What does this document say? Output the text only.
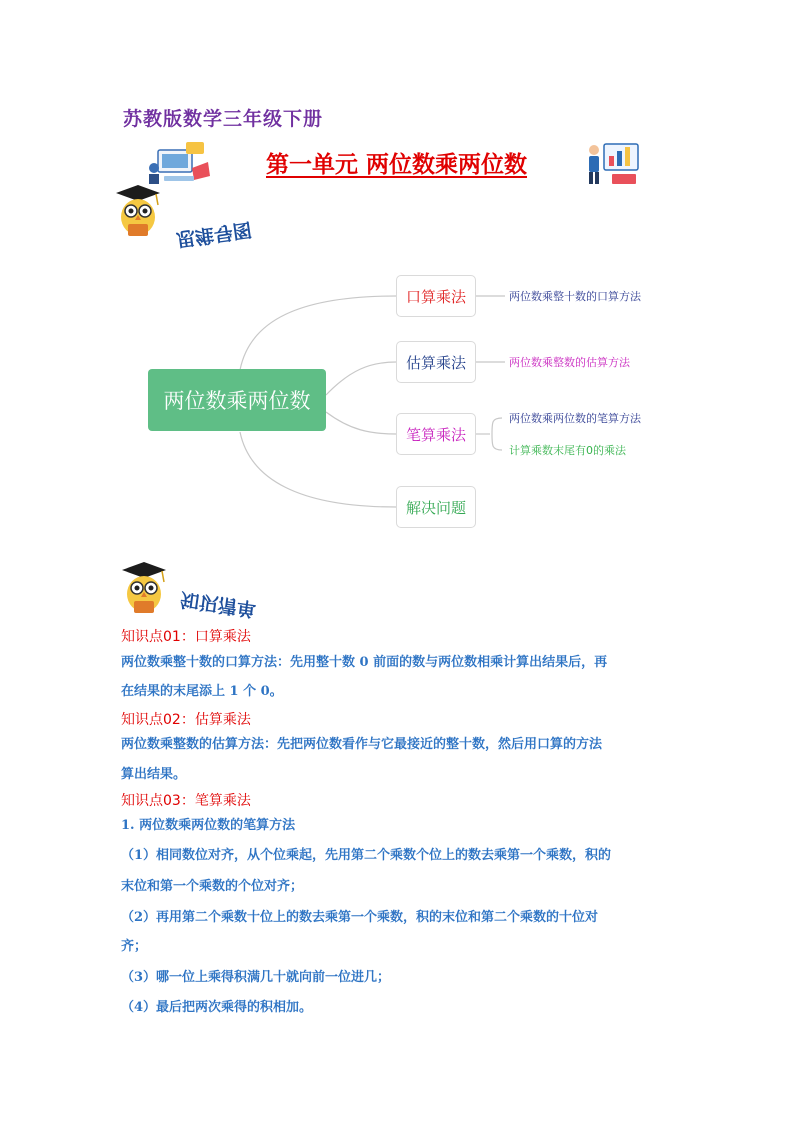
苏教版数学三年级下册
第一单元 两位数乘两位数
思维导图
两位数乘两位数
口算乘法
估算乘法
笔算乘法
解决问题
两位数乘整十数的口算方法
两位数乘整数的估算方法
两位数乘两位数的笔算方法
计算乘数末尾有0的乘法
知识清单
知识点01：口算乘法
两位数乘整十数的口算方法：先用整十数 0 前面的数与两位数相乘计算出结果后，再
在结果的末尾添上 1 个 0。
知识点02：估算乘法
两位数乘整数的估算方法：先把两位数看作与它最接近的整十数，然后用口算的方法
算出结果。
知识点03：笔算乘法
1. 两位数乘两位数的笔算方法
（1）相同数位对齐，从个位乘起，先用第二个乘数个位上的数去乘第一个乘数，积的
末位和第一个乘数的个位对齐；
（2）再用第二个乘数十位上的数去乘第一个乘数，积的末位和第二个乘数的十位对
齐；
（3）哪一位上乘得积满几十就向前一位进几；
（4）最后把两次乘得的积相加。
